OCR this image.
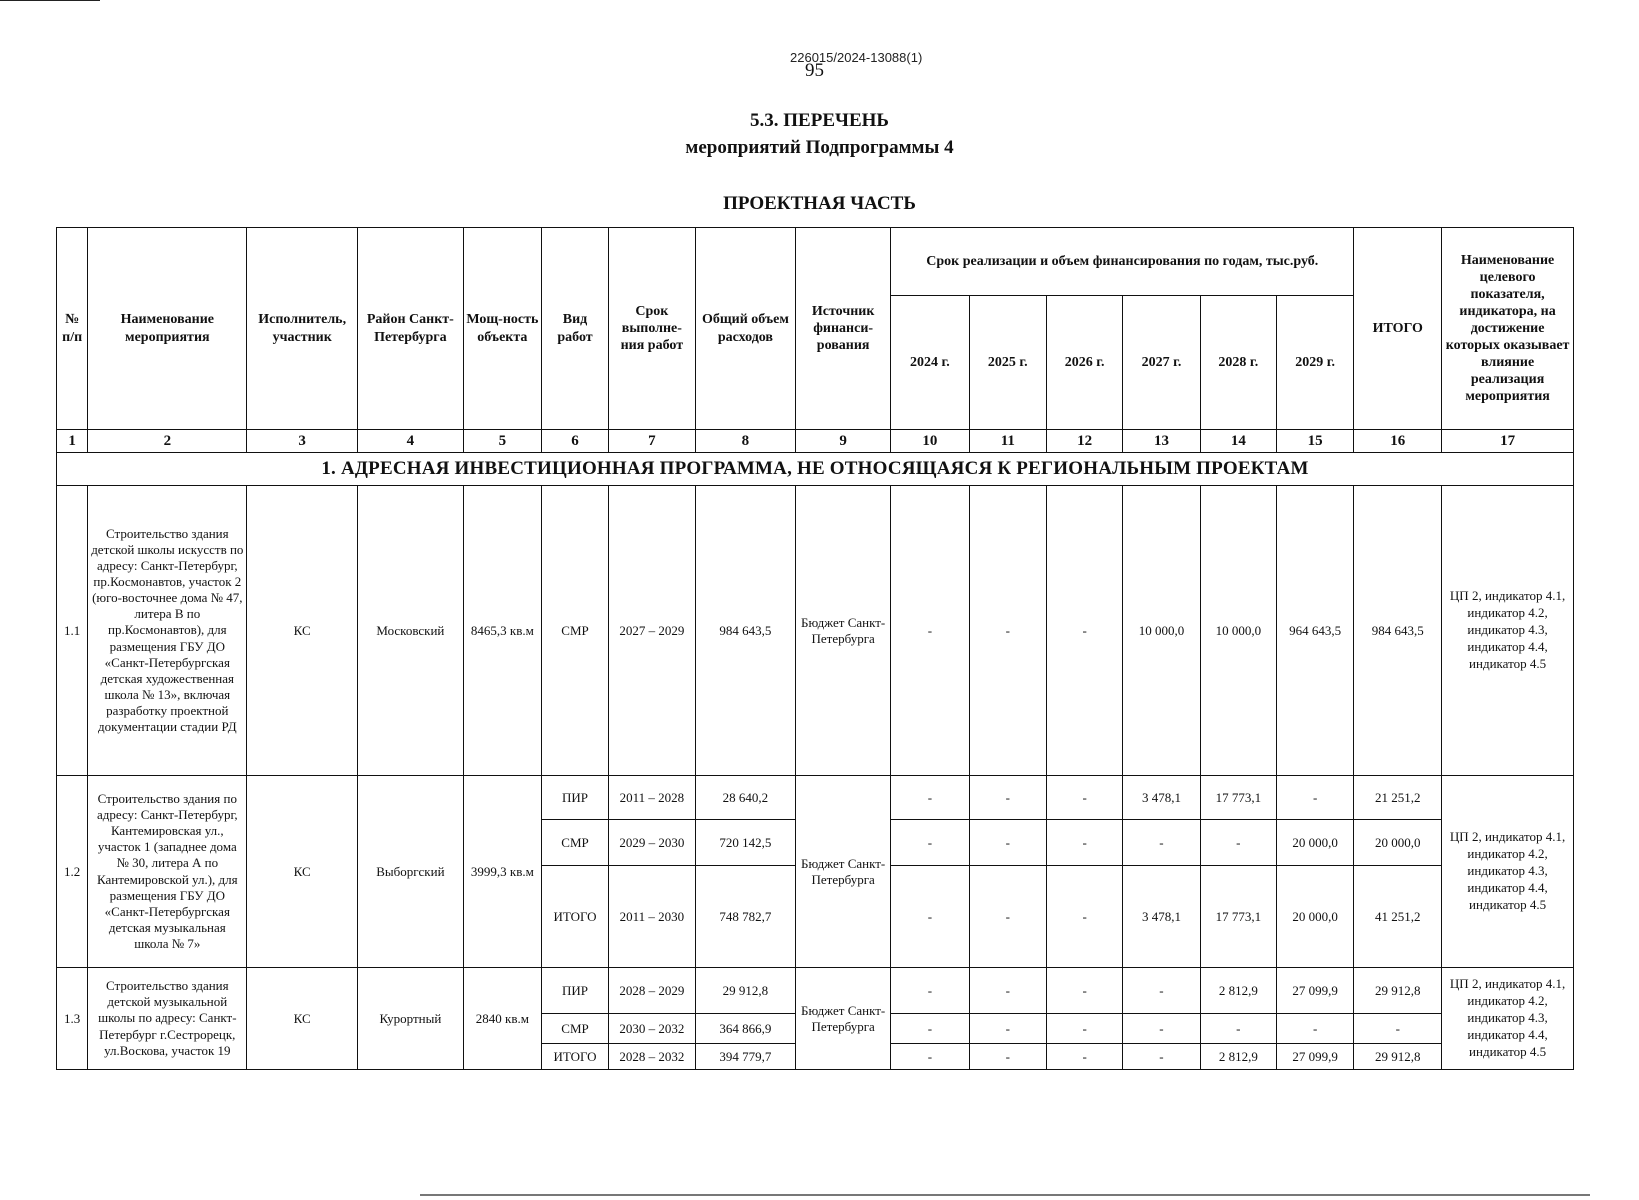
226015/2024-13088(1)
95
5.3. ПЕРЕЧЕНЬ
мероприятий Подпрограммы 4
ПРОЕКТНАЯ ЧАСТЬ
№ п/п	Наименование мероприятия	Исполнитель, участник	Район Санкт-Петербурга	Мощ-ность объекта	Вид работ	Срок выполне-ния работ	Общий объем расходов	Источник финанси-рования	Срок реализации и объем финансирования по годам, тыс.руб.						ИТОГО	Наименование целевого показателя, индикатора, на достижение которых оказывает влияние реализация мероприятия
									2024 г.	2025 г.	2026 г.	2027 г.	2028 г.	2029 г.		
1	2	3	4	5	6	7	8	9	10	11	12	13	14	15	16	17
1. АДРЕСНАЯ ИНВЕСТИЦИОННАЯ ПРОГРАММА, НЕ ОТНОСЯЩАЯСЯ К РЕГИОНАЛЬНЫМ ПРОЕКТАМ																
1.1	Строительство здания детской школы искусств по адресу: Санкт-Петербург, пр.Космонавтов, участок 2 (юго-восточнее дома № 47, литера В по пр.Космонавтов), для размещения ГБУ ДО «Санкт-Петербургская детская художественная школа № 13», включая разработку проектной документации стадии РД	КС	Московский	8465,3 кв.м	СМР	2027 – 2029	984 643,5	Бюджет Санкт-Петербурга	-	-	-	10 000,0	10 000,0	964 643,5	984 643,5	ЦП 2, индикатор 4.1, индикатор 4.2, индикатор 4.3, индикатор 4.4, индикатор 4.5
1.2	Строительство здания по адресу: Санкт-Петербург, Кантемировская ул., участок 1 (западнее дома № 30, литера А по Кантемировской ул.), для размещения ГБУ ДО «Санкт-Петербургская детская музыкальная школа № 7»	КС	Выборгский	3999,3 кв.м	ПИР	2011 – 2028	28 640,2	Бюджет Санкт-Петербурга	-	-	-	3 478,1	17 773,1	-	21 251,2	ЦП 2, индикатор 4.1, индикатор 4.2, индикатор 4.3, индикатор 4.4, индикатор 4.5
					СМР	2029 – 2030	720 142,5		-	-	-	-	-	20 000,0	20 000,0	
					ИТОГО	2011 – 2030	748 782,7		-	-	-	3 478,1	17 773,1	20 000,0	41 251,2	
1.3	Строительство здания детской музыкальной школы по адресу: Санкт-Петербург г.Сестрорецк, ул.Воскова, участок 19	КС	Курортный	2840 кв.м	ПИР	2028 – 2029	29 912,8	Бюджет Санкт-Петербурга	-	-	-	-	2 812,9	27 099,9	29 912,8	ЦП 2, индикатор 4.1, индикатор 4.2, индикатор 4.3, индикатор 4.4, индикатор 4.5
					СМР	2030 – 2032	364 866,9		-	-	-	-	-	-	-	
					ИТОГО	2028 – 2032	394 779,7		-	-	-	-	2 812,9	27 099,9	29 912,8	
